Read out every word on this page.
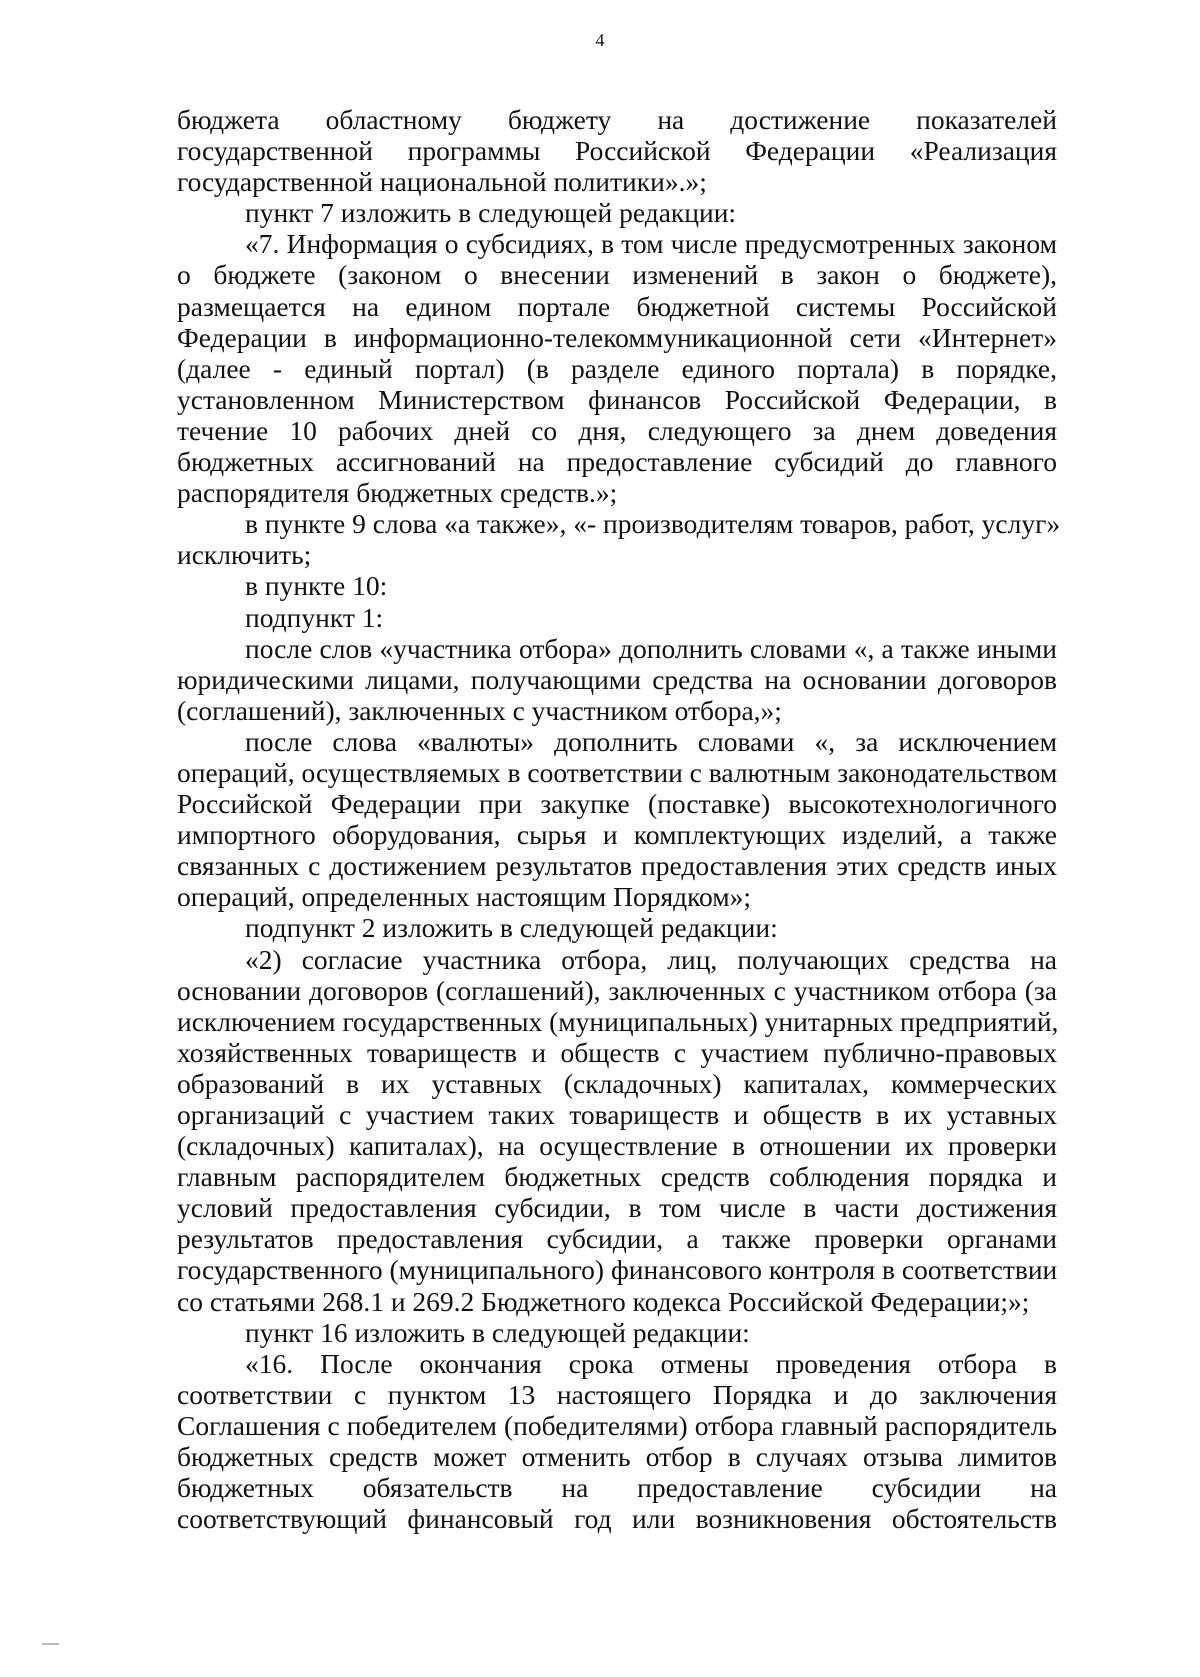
4
бюджета областному бюджету на достижение показателей
государственной программы Российской Федерации «Реализация
государственной национальной политики».»;
пункт 7 изложить в следующей редакции:
«7. Информация о субсидиях, в том числе предусмотренных законом
о бюджете (законом о внесении изменений в закон о бюджете),
размещается на едином портале бюджетной системы Российской
Федерации в информационно-телекоммуникационной сети «Интернет»
(далее - единый портал) (в разделе единого портала) в порядке,
установленном Министерством финансов Российской Федерации, в
течение 10 рабочих дней со дня, следующего за днем доведения
бюджетных ассигнований на предоставление субсидий до главного
распорядителя бюджетных средств.»;
в пункте 9 слова «а также», «- производителям товаров, работ, услуг»
исключить;
в пункте 10:
подпункт 1:
после слов «участника отбора» дополнить словами «, а также иными
юридическими лицами, получающими средства на основании договоров
(соглашений), заключенных с участником отбора,»;
после слова «валюты» дополнить словами «, за исключением
операций, осуществляемых в соответствии с валютным законодательством
Российской Федерации при закупке (поставке) высокотехнологичного
импортного оборудования, сырья и комплектующих изделий, а также
связанных с достижением результатов предоставления этих средств иных
операций, определенных настоящим Порядком»;
подпункт 2 изложить в следующей редакции:
«2) согласие участника отбора, лиц, получающих средства на
основании договоров (соглашений), заключенных с участником отбора (за
исключением государственных (муниципальных) унитарных предприятий,
хозяйственных товариществ и обществ с участием публично-правовых
образований в их уставных (складочных) капиталах, коммерческих
организаций с участием таких товариществ и обществ в их уставных
(складочных) капиталах), на осуществление в отношении их проверки
главным распорядителем бюджетных средств соблюдения порядка и
условий предоставления субсидии, в том числе в части достижения
результатов предоставления субсидии, а также проверки органами
государственного (муниципального) финансового контроля в соответствии
со статьями 268.1 и 269.2 Бюджетного кодекса Российской Федерации;»;
пункт 16 изложить в следующей редакции:
«16. После окончания срока отмены проведения отбора в
соответствии с пунктом 13 настоящего Порядка и до заключения
Соглашения с победителем (победителями) отбора главный распорядитель
бюджетных средств может отменить отбор в случаях отзыва лимитов
бюджетных обязательств на предоставление субсидии на
соответствующий финансовый год или возникновения обстоятельств
